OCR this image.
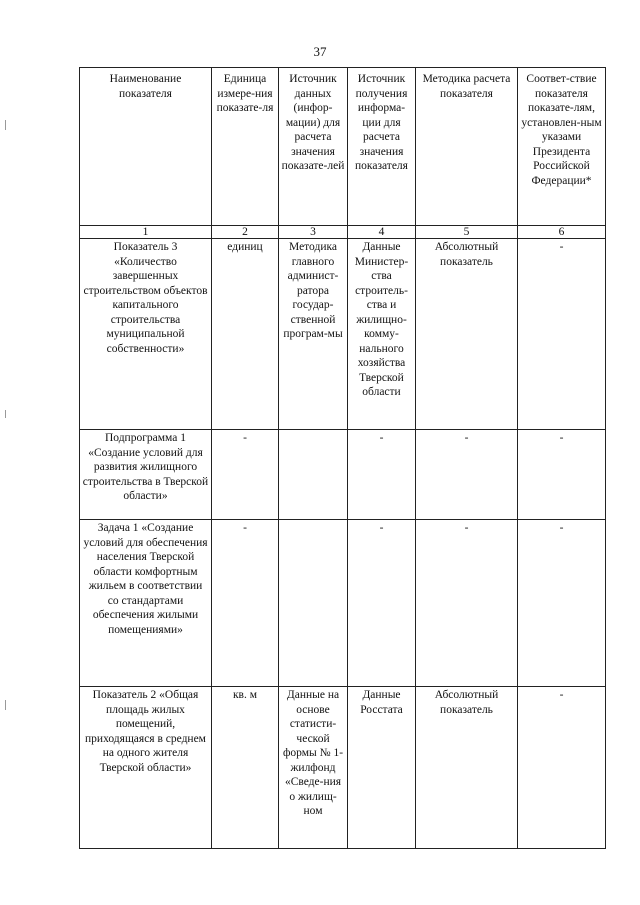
37
Наименование показателя	Единица измере-ния показате-ля	Источник данных (инфор-мации) для расчета значения показате-лей	Источник получения информа-ции для расчета значения показателя	Методика расчета показателя	Соответ-ствие показателя показате-лям, установлен-ным указами Президента Российской Федерации*
1	2	3	4	5	6
Показатель 3 «Количество завершенных строительством объектов капитального строительства муниципальной собственности»	единиц	Методика главного админист-ратора государ-ственной програм-мы	Данные Министер-ства строитель-ства и жилищно-комму-нального хозяйства Тверской области	Абсолютный показатель	-
Подпрограмма 1 «Создание условий для развития жилищного строительства в Тверской области»	-		-	-	-
Задача 1 «Создание условий для обеспечения населения Тверской области комфортным жильем в соответствии со стандартами обеспечения жилыми помещениями»	-		-	-	-
Показатель 2 «Общая площадь жилых помещений, приходящаяся в среднем на одного жителя Тверской области»	кв. м	Данные на основе статисти-ческой формы № 1-жилфонд «Сведе-ния о жилищ-ном	Данные Росстата	Абсолютный показатель	-
